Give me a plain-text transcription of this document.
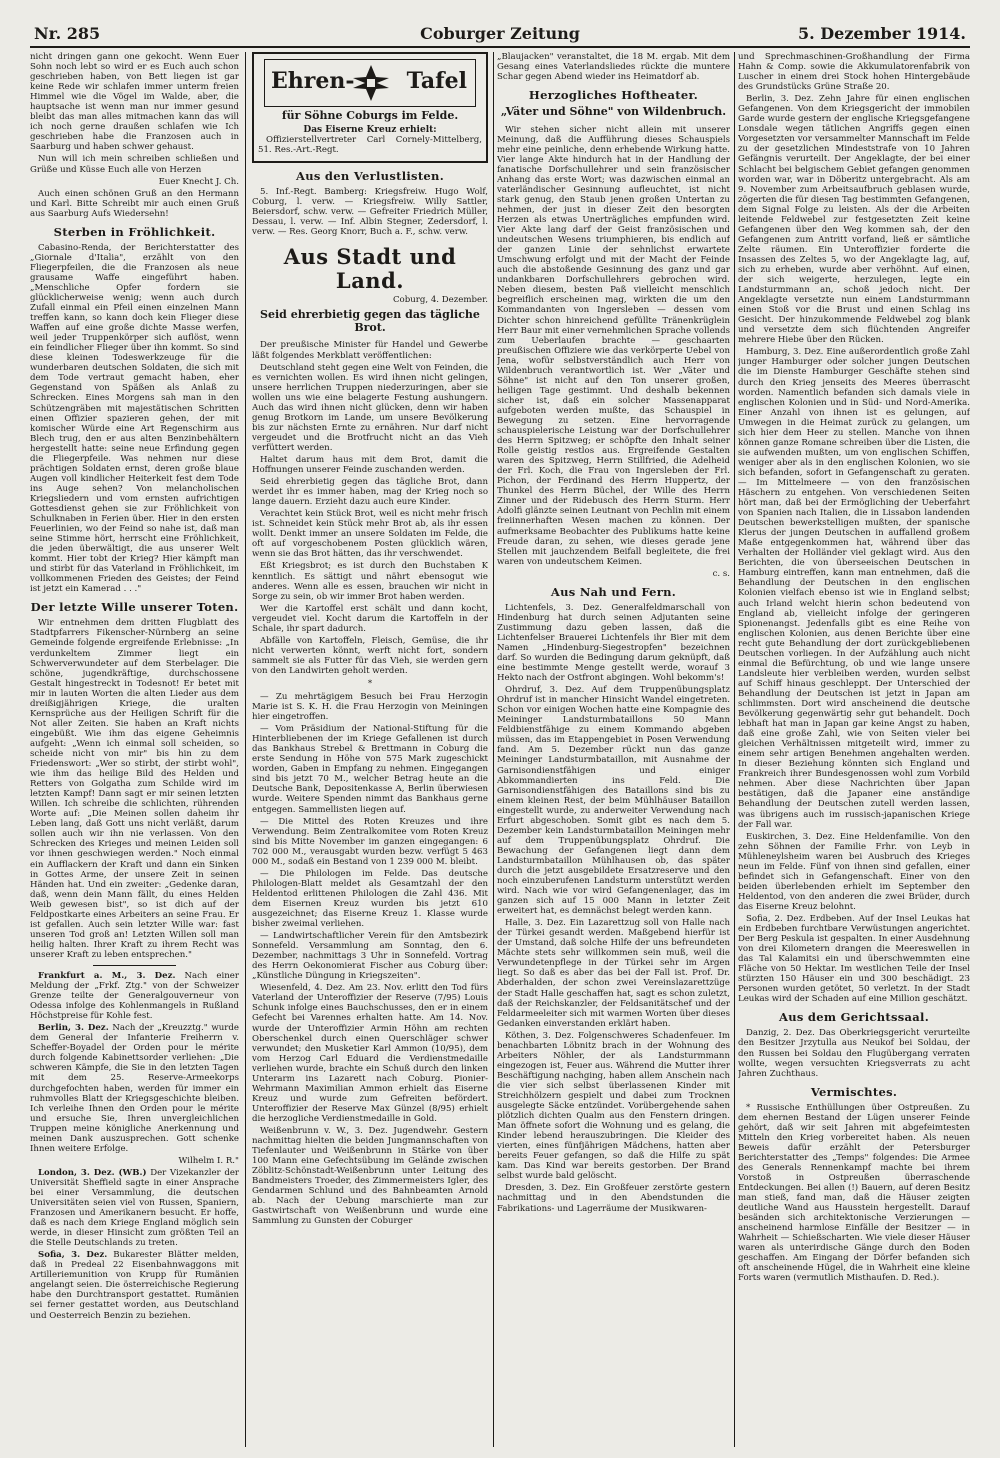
Nr. 285	Coburger Zeitung	5. Dezember 1914.

nicht dringen gann one gekocht. Wenn Euer Sohn noch lebt so wird er es Euch auch schon geschrieben haben, von Bett liegen ist gar keine Rede wir schlafen immer unterm freien Himmel wie die Vögel im Walde, aber, die hauptsache ist wenn man nur immer gesund bleibt das man alles mitmachen kann das will ich noch gerne draußen schlafen wie Ich geschrieben habe die Franzosen auch in Saarburg und haben schwer gehaust.

Nun will ich mein schreiben schließen und Grüße und Küsse Euch alle von Herzen

Euer Knecht J. Ch.

Auch einen schönen Gruß an den Hermann und Karl. Bitte Schreibt mir auch einen Gruß aus Saarburg Aufs Wiedersehn!

Sterben in Fröhlichkeit.

Cabasino-Renda, der Berichterstatter des „Giornale d'Italia", erzählt von den Fliegerpfeilen, die die Franzosen als neue grausame Waffe eingeführt haben. „Menschliche Opfer fordern sie glücklicherweise wenig; wenn auch durch Zufall einmal ein Pfeil einen einzelnen Mann treffen kann, so kann doch kein Flieger diese Waffen auf eine große dichte Masse werfen, weil jeder Truppenkörper sich auflöst, wenn ein feindlicher Flieger über ihn kommt. So sind diese kleinen Todeswerkzeuge für die wunderbaren deutschen Soldaten, die sich mit dem Tode vertraut gemacht haben, eher Gegenstand von Späßen als Anlaß zu Schrecken. Eines Morgens sah man in den Schützengräben mit majestätischen Schritten einen Offizier spazieren gehen, der mit komischer Würde eine Art Regenschirm aus Blech trug, den er aus alten Benzinbehältern hergestellt hatte: seine neue Erfindung gegen die Fliegerpfeile. Was nehmen nur diese prächtigen Soldaten ernst, deren große blaue Augen voll kindlicher Heiterkeit fest dem Tode ins Auge sehen? Von melancholischen Kriegsliedern und vom ernsten aufrichtigen Gottesdienst gehen sie zur Fröhlichkeit von Schulknaben in Ferien über. Hier in den ersten Feuerlinien, wo der Feind so nahe ist, daß man seine Stimme hört, herrscht eine Fröhlichkeit, die jeden überwältigt, die aus unserer Welt kommt. Hier tobt der Krieg? Hier kämpft man und stirbt für das Vaterland in Fröhlichkeit, im vollkommenen Frieden des Geistes; der Feind ist jetzt ein Kamerad . . ."

Der letzte Wille unserer Toten.

Wir entnehmen dem dritten Flugblatt des Stadtpfarrers Fikenscher-Nürnberg an seine Gemeinde folgende ergreifende Erlebnisse: „In verdunkeltem Zimmer liegt ein Schwerverwundeter auf dem Sterbelager. Die schöne, jugendkräftige, durchschossene Gestalt hingestreckt in Todesnot! Er betet mit mir in lauten Worten die alten Lieder aus dem dreißigjährigen Kriege, die uralten Kernsprüche aus der Heiligen Schrift für die Not aller Zeiten. Sie haben an Kraft nichts eingebüßt. Wie ihm das eigene Geheimnis aufgeht: „Wenn ich einmal soll scheiden, so scheide nicht von mir" bis hin zu dem Friedenswort: „Wer so stirbt, der stirbt wohl", wie ihm das heilige Bild des Helden und Retters von Golgatha zum Schilde wird im letzten Kampf! Dann sagt er mir seinen letzten Willen. Ich schreibe die schlichten, rührenden Worte auf: „Die Meinen sollen daheim ihr Leben lang, daß Gott uns nicht verläßt, darum sollen auch wir ihn nie verlassen. Von den Schrecken des Krieges und meinen Leiden soll vor ihnen geschwiegen werden." Noch einmal ein Aufflackern der Kraft und dann ein Sinken in Gottes Arme, der unsere Zeit in seinen Händen hat. Und ein zweiter: „Gedenke daran, daß, wenn dein Mann fällt, du eines Helden Weib gewesen bist", so ist dich auf der Feldpostkarte eines Arbeiters an seine Frau. Er ist gefallen. Auch sein letzter Wille war: fast unseren Tod groß an! Letzten Willen soll man heilig halten. Ihrer Kraft zu ihrem Recht was unserer Kraft zu leben entsprechen."

Frankfurt a. M., 3. Dez. Nach einer Meldung der „Frkf. Ztg." von der Schweizer Grenze teilte der Generalgouverneur von Odessa infolge des Kohlenmangels in Rußland Höchstpreise für Kohle fest.

Berlin, 3. Dez. Nach der „Kreuzztg." wurde dem General der Infanterie Freiherrn v. Scheffer-Boyadel der Orden pour le mérite durch folgende Kabinettsorder verliehen: „Die schweren Kämpfe, die Sie in den letzten Tagen mit dem 25. Reserve-Armeekorps durchgefochten haben, werden für immer ein ruhmvolles Blatt der Kriegsgeschichte bleiben. Ich verleihe Ihnen den Orden pour le mérite und ersuche Sie, Ihren unvergleichlichen Truppen meine königliche Anerkennung und meinen Dank auszusprechen. Gott schenke Ihnen weitere Erfolge.

Wilhelm I. R."

London, 3. Dez. (WB.) Der Vizekanzler der Universität Sheffield sagte in einer Ansprache bei einer Versammlung, die deutschen Universitäten seien viel von Russen, Spaniern, Franzosen und Amerikanern besucht. Er hoffe, daß es nach dem Kriege England möglich sein werde, in dieser Hinsicht zum größten Teil an die Stelle Deutschlands zu treten.

Sofia, 3. Dez. Bukarester Blätter melden, daß in Predeal 22 Eisenbahnwaggons mit Artilleriemunition von Krupp für Rumänien angelangt seien. Die österreichische Regierung habe den Durchtransport gestattet. Rumänien sei ferner gestattet worden, aus Deutschland und Oesterreich Benzin zu beziehen.

Ehren- Tafel
für Söhne Coburgs im Felde.
Das Eiserne Kreuz erhielt:

Offizierstellvertreter Carl Cornely-Mittelberg, 51. Res.-Art.-Regt.

Aus den Verlustlisten.

5. Inf.-Regt. Bamberg: Kriegsfreiw. Hugo Wolf, Coburg, l. verw. — Kriegsfreiw. Willy Sattler, Beiersdorf, schw. verw. — Gefreiter Friedrich Müller, Dessau, l. verw. — Inf. Albin Stegner, Zedersdorf, l. verw. — Res. Georg Knorr, Buch a. F., schw. verw.

Aus Stadt und Land.
Coburg, 4. Dezember.
Seid ehrerbietig gegen das tägliche Brot.

Der preußische Minister für Handel und Gewerbe läßt folgendes Merkblatt veröffentlichen:

Deutschland steht gegen eine Welt von Feinden, die es vernichten wollen. Es wird ihnen nicht gelingen, unsere herrlichen Truppen niederzuringen, aber sie wollen uns wie eine belagerte Festung aushungern. Auch das wird ihnen nicht glücken, denn wir haben genug Brotkorn im Lande, um unsere Bevölkerung bis zur nächsten Ernte zu ernähren. Nur darf nicht vergeudet und die Brotfrucht nicht an das Vieh verfüttert werden.

Haltet darum haus mit dem Brot, damit die Hoffnungen unserer Feinde zuschanden werden.

Seid ehrerbietig gegen das tägliche Brot, dann werdet ihr es immer haben, mag der Krieg noch so lange dauern. Erzieht dazu auch eure Kinder.

Verachtet kein Stück Brot, weil es nicht mehr frisch ist. Schneidet kein Stück mehr Brot ab, als ihr essen wollt. Denkt immer an unsere Soldaten im Felde, die oft auf vorgeschobenem Posten glücklich wären, wenn sie das Brot hätten, das ihr verschwendet.

Eßt Kriegsbrot; es ist durch den Buchstaben K kenntlich. Es sättigt und nährt ebensogut wie anderes. Wenn alle es essen, brauchen wir nicht in Sorge zu sein, ob wir immer Brot haben werden.

Wer die Kartoffel erst schält und dann kocht, vergeudet viel. Kocht darum die Kartoffeln in der Schale, ihr spart dadurch.

Abfälle von Kartoffeln, Fleisch, Gemüse, die ihr nicht verwerten könnt, werft nicht fort, sondern sammelt sie als Futter für das Vieh, sie werden gern von den Landwirten geholt werden.

*

— Zu mehrtägigem Besuch bei Frau Herzogin Marie ist S. K. H. die Frau Herzogin von Meiningen hier eingetroffen.

— Vom Präsidium der National-Stiftung für die Hinterbliebenen der im Kriege Gefallenen ist durch das Bankhaus Strebel & Brettmann in Coburg die erste Sendung in Höhe von 575 Mark zugeschickt worden, Gaben in Empfang zu nehmen. Eingegangen sind bis jetzt 70 M., welcher Betrag heute an die Deutsche Bank, Depositenkasse A, Berlin überwiesen wurde. Weitere Spenden nimmt das Bankhaus gerne entgegen. Sammellisten liegen auf.

— Die Mittel des Roten Kreuzes und ihre Verwendung. Beim Zentralkomitee vom Roten Kreuz sind bis Mitte November im ganzen eingegangen: 6 702 000 M., verausgabt wurden bezw. verfügt 5 463 000 M., sodaß ein Bestand von 1 239 000 M. bleibt.

— Die Philologen im Felde. Das deutsche Philologen-Blatt meldet als Gesamtzahl der den Heldentod erlittenen Philologen die Zahl 436. Mit dem Eisernen Kreuz wurden bis jetzt 610 ausgezeichnet; das Eiserne Kreuz 1. Klasse wurde bisher zweimal verliehen.

— Landwirtschaftlicher Verein für den Amtsbezirk Sonnefeld. Versammlung am Sonntag, den 6. Dezember, nachmittags 3 Uhr in Sonnefeld. Vortrag des Herrn Oekonomierat Fischer aus Coburg über: „Künstliche Düngung in Kriegszeiten".

Wiesenfeld, 4. Dez. Am 23. Nov. erlitt den Tod fürs Vaterland der Unteroffizier der Reserve (7/95) Louis Schunk infolge eines Bauchschusses, den er in einem Gefecht bei Varennes erhalten hatte. Am 14. Nov. wurde der Unteroffizier Armin Höhn am rechten Oberschenkel durch einen Querschläger schwer verwundet; den Musketier Karl Ammon (10/95), dem vom Herzog Carl Eduard die Verdienstmedaille verliehen wurde, brachte ein Schuß durch den linken Unterarm ins Lazarett nach Coburg. Pionier-Wehrmann Maximilian Ammon erhielt das Eiserne Kreuz und wurde zum Gefreiten befördert. Unteroffizier der Reserve Max Günzel (8/95) erhielt die herzogliche Verdienstmedaille in Gold.

Weißenbrunn v. W., 3. Dez. Jugendwehr. Gestern nachmittag hielten die beiden Jungmannschaften von Tiefenlauter und Weißenbrunn in Stärke von über 100 Mann eine Gefechtsübung im Gelände zwischen Zöblitz-Schönstadt-Weißenbrunn unter Leitung des Bandmeisters Troeder, des Zimmermeisters Igler, des Gendarmen Schlund und des Bahnbeamten Arnold ab. Nach der Uebung marschierte man zur Gastwirtschaft von Weißenbrunn und wurde eine Sammlung zu Gunsten der Coburger

„Blaujacken" veranstaltet, die 18 M. ergab. Mit dem Gesang eines Vaterlandsliedes rückte die muntere Schar gegen Abend wieder ins Heimatdorf ab.

Herzogliches Hoftheater.
„Väter und Söhne" von Wildenbruch.

Wir stehen sicher nicht allein mit unserer Meinung, daß die Aufführung dieses Schauspiels mehr eine peinliche, denn erhebende Wirkung hatte. Vier lange Akte hindurch hat in der Handlung der fanatische Dorfschullehrer und sein französischer Anhang das erste Wort; was dazwischen einmal an vaterländischer Gesinnung aufleuchtet, ist nicht stark genug, den Staub jenen großen Untertan zu nehmen, der just in dieser Zeit den besorgten Herzen als etwas Unerträgliches empfunden wird. Vier Akte lang darf der Geist französischen und undeutschen Wesens triumphieren, bis endlich auf der ganzen Linie der sehnlichst erwartete Umschwung erfolgt und mit der Macht der Feinde auch die abstoßende Gesinnung des ganz und gar undankbaren Dorfschullehrers gebrochen wird. Neben diesem, besten Paß vielleicht menschlich begreiflich erscheinen mag, wirkten die um den Kommandanten von Ingersleben — dessen vom Dichter schon hinreichend gefüllte Tränenkrüglein Herr Baur mit einer vernehmlichen Sprache vollends zum Ueberlaufen brachte — geschaarten preußischen Offiziere wie das verkörperte Uebel von Jena, wofür selbstverständlich auch Herr von Wildenbruch verantwortlich ist. Wer „Väter und Söhne" ist nicht auf den Ton unserer großen, heiligen Tage gestimmt. Und deshalb bekennen sicher ist, daß ein solcher Massenapparat aufgeboten werden mußte, das Schauspiel in Bewegung zu setzen. Eine hervorragende schauspielerische Leistung war der Dorfschullehrer des Herrn Spitzweg; er schöpfte den Inhalt seiner Rolle geistig restlos aus. Ergreifende Gestalten waren des Spitzweg, Herrn Stillfried, die Adelheid der Frl. Koch, die Frau von Ingersleben der Frl. Pichon, der Ferdinand des Herrn Huppertz, der Thunkel des Herrn Büchel, der Wille des Herrn Zinner und der Ridebusch des Herrn Sturm. Herr Adolfi glänzte seinen Leutnant von Pechlin mit einem freiinnerhaften Wesen machen zu können. Der aufmerksame Beobachter des Publikums hatte keine Freude daran, zu sehen, wie dieses gerade jene Stellen mit jauchzendem Beifall begleitete, die frei waren von undeutschem Keimen.

c. s.

Aus Nah und Fern.

Lichtenfels, 3. Dez. Generalfeldmarschall von Hindenburg hat durch seinen Adjutanten seine Zustimmung dazu geben lassen, daß die Lichtenfelser Brauerei Lichtenfels ihr Bier mit dem Namen „Hindenburg-Siegestropfen" bezeichnen darf. So wurden die Bedingung darum geknüpft, daß eine bestimmte Menge gestellt werde, worauf 3 Hekto nach der Ostfront abgingen. Wohl bekomm's!

Ohrdruf, 3. Dez. Auf dem Truppenübungsplatz Ohrdruf ist in mancher Hinsicht Wandel eingetreten. Schon vor einigen Wochen hatte eine Kompagnie des Meininger Landsturmbataillons 50 Mann Feldbienstfähige zu einem Kommando abgeben müssen, das im Etappengebiet in Posen Verwendung fand. Am 5. Dezember rückt nun das ganze Meininger Landsturmbataillon, mit Ausnahme der Garnisondienstfähigen und einiger Abkommandierten ins Feld. Die Garnisondienstfähigen des Bataillons sind bis zu einem kleinen Rest, der beim Mühlhäuser Bataillon eingestellt wurde, zu anderweiter Verwendung nach Erfurt abgeschoben. Somit gibt es nach dem 5. Dezember kein Landsturmbataillon Meiningen mehr auf dem Truppenübungsplatz Ohrdruf. Die Bewachung der Gefangenen liegt dann dem Landsturmbataillon Mühlhausen ob, das später durch die jetzt ausgebildete Ersatzreserve und den noch einzuberufenen Landsturm unterstützt werden wird. Nach wie vor wird Gefangenenlager, das im ganzen sich auf 15 000 Mann in letzter Zeit erweitert hat, es demnächst belegt werden kann.

Halle, 3. Dez. Ein Lazarettzug soll von Halle nach der Türkei gesandt werden. Maßgebend hierfür ist der Umstand, daß solche Hilfe der uns befreundeten Mächte stets sehr willkommen sein muß, weil die Verwundetenpflege in der Türkei sehr im Argen liegt. So daß es aber das bei der Fall ist. Prof. Dr. Abderhalden, der schon zwei Vereinslazarettzüge der Stadt Halle geschaffen hat, sagt es schon zuletzt, daß der Reichskanzler, der Feldsanitätschef und der Feldarmeeleiter sich mit warmen Worten über dieses Gedanken einverstanden erklärt haben.

Köthen, 3. Dez. Folgenschweres Schadenfeuer. Im benachbarten Löbnitz brach in der Wohnung des Arbeiters Nöhler, der als Landsturmmann eingezogen ist, Feuer aus. Während die Mutter ihrer Beschäftigung nachging, haben allem Anschein nach die vier sich selbst überlassenen Kinder mit Streichhölzern gespielt und dabei zum Trocknen ausgelegte Säcke entzündet. Vorübergehende sahen plötzlich dichten Qualm aus den Fenstern dringen. Man öffnete sofort die Wohnung und es gelang, die Kinder lebend herauszubringen. Die Kleider des vierten, eines fünfjährigen Mädchens, hatten aber bereits Feuer gefangen, so daß die Hilfe zu spät kam. Das Kind war bereits gestorben. Der Brand selbst wurde bald gelöscht.

Dresden, 3. Dez. Ein Großfeuer zerstörte gestern nachmittag und in den Abendstunden die Fabrikations- und Lagerräume der Musikwaren-

und Sprechmaschinen-Großhandlung der Firma Hahn & Comp. sowie die Akkumulatorenfabrik von Luscher in einem drei Stock hohen Hintergebäude des Grundstücks Grüne Straße 20.

Berlin, 3. Dez. Zehn Jahre für einen englischen Gefangenen. Von dem Kriegsgericht der immobilen Garde wurde gestern der englische Kriegsgefangene Lonsdale wegen tätlichen Angriffs gegen einen Vorgesetzten vor versammelter Mannschaft im Felde zu der gesetzlichen Mindeststrafe von 10 Jahren Gefängnis verurteilt. Der Angeklagte, der bei einer Schlacht bei belgischem Gebiet gefangen genommen worden war, war in Döberitz untergebracht. Als am 9. November zum Arbeitsaufbruch geblasen wurde, zögerten die für diesen Tag bestimmten Gefangenen, dem Signal Folge zu leisten. Als der die Arbeiten leitende Feldwebel zur festgesetzten Zeit keine Gefangenen über den Weg kommen sah, der den Gefangenen zum Antritt vorfand, ließ er sämtliche Zelte räumen. Ein Unteroffizier forderte die Insassen des Zeltes 5, wo der Angeklagte lag, auf, sich zu erheben, wurde aber verhöhnt. Auf einen, der sich weigerte, herzulegen, legte ein Landsturmmann an, schoß jedoch nicht. Der Angeklagte versetzte nun einem Landsturmmann einen Stoß vor die Brust und einen Schlag ins Gesicht. Der hinzukommende Feldwebel zog blank und versetzte dem sich flüchtenden Angreifer mehrere Hiebe über den Rücken.

Hamburg, 3. Dez. Eine außerordentlich große Zahl junger Hamburger oder solcher jungen Deutschen die im Dienste Hamburger Geschäfte stehen sind durch den Krieg jenseits des Meeres überrascht worden. Namentlich befanden sich damals viele in englischen Kolonien und in Süd- und Nord-Amerika. Einer Anzahl von ihnen ist es gelungen, auf Umwegen in die Heimat zurück zu gelangen, um sich hier dem Heer zu stellen. Manche von ihnen können ganze Romane schreiben über die Listen, die sie aufwenden mußten, um von englischen Schiffen, weniger aber als in den englischen Kolonien, wo sie sich befanden, sofort in Gefangenschaft zu geraten. — Im Mittelmeere — von den französischen Häschern zu entgehen. Von verschiedenen Seiten hört man, daß bei der Ermögliching der Ueberfahrt von Spanien nach Italien, die in Lissabon landenden Deutschen bewerkstelligen mußten, der spanische Klerus der jungen Deutschen in auffallend großem Maße entgegenkommen hat, während über das Verhalten der Holländer viel geklagt wird. Aus den Berichten, die von überseeischen Deutschen in Hamburg eintreffen, kann man entnehmen, daß die Behandlung der Deutschen in den englischen Kolonien vielfach ebenso ist wie in England selbst; auch Irland welcht hierin schon bedeutend von England ab, vielleicht infolge der geringeren Spionenangst. Jedenfalls gibt es eine Reihe von englischen Kolonien, aus denen Berichte über eine recht gute Behandlung der dort zurückgebliebenen Deutschen vorliegen. In der Aufzählung auch nicht einmal die Befürchtung, ob und wie lange unsere Landsleute hier verbleiben werden, wurden selbst auf Schiff hinaus geschleppt. Der Unterschied der Behandlung der Deutschen ist jetzt in Japan am schlimmsten. Dort wird anscheinend die deutsche Bevölkerung gegenwärtig sehr gut behandelt. Doch lebhaft hat man in Japan gar keine Angst zu haben, daß eine große Zahl, wie von Seiten vieler bei gleichen Verhältnissen mitgeteilt wird, immer zu einem sehr artigen Benehmen angehalten werden. In dieser Beziehung könnten sich England und Frankreich ihrer Bundesgenossen wohl zum Vorbild nehmen. Aber diese Nachrichten über Japan bestätigen, daß die Japaner eine anständige Behandlung der Deutschen zutell werden lassen, was übrigens auch im russisch-japanischen Kriege der Fall war.

Euskirchen, 3. Dez. Eine Heldenfamilie. Von den zehn Söhnen der Familie Frhr. von Leyb in Mühleneylsheim waren bei Ausbruch des Krieges neun im Felde. Fünf von ihnen sind gefallen, einer befindet sich in Gefangenschaft. Einer von den beiden überlebenden erhielt im September den Heldentod, von den anderen die zwei Brüder, durch das Eiserne Kreuz belohnt.

Sofia, 2. Dez. Erdbeben. Auf der Insel Leukas hat ein Erdbeben furchtbare Verwüstungen angerichtet. Der Berg Peskula ist gespalten. In einer Ausdehnung von drei Kilometern drangen die Meereswellen in das Tal Kalamitsi ein und überschwemmten eine Fläche von 50 Hektar. Im westlichen Teile der Insel stürzten 150 Häuser ein und 300 beschädigt. 23 Personen wurden getötet, 50 verletzt. In der Stadt Leukas wird der Schaden auf eine Million geschätzt.

Aus dem Gerichtssaal.

Danzig, 2. Dez. Das Oberkriegsgericht verurteilte den Besitzer Jrzytulla aus Neukof bei Soldau, der den Russen bei Soldau den Flugübergang verraten wollte, wegen versuchten Kriegsverrats zu acht Jahren Zuchthaus.

Vermischtes.

* Russische Enthüllungen über Ostpreußen. Zu dem ehernen Bestand der Lügen unserer Feinde gehört, daß wir seit Jahren mit abgefeimtesten Mitteln den Krieg vorbereitet haben. Als neuen Beweis dafür erzählt der Petersburger Berichterstatter des „Temps" folgendes: Die Armee des Generals Rennenkampf machte bei ihrem Vorstoß in Ostpreußen überraschende Entdeckungen. Bei allen (!) Bauern, auf deren Besitz man stieß, fand man, daß die Häuser zeigten deutliche Wand aus Hausstein hergestellt. Darauf besänden sich architektonische Verzierungen — anscheinend harmlose Einfälle der Besitzer — in Wahrheit — Schießscharten. Wie viele dieser Häuser waren als unterirdische Gänge durch den Boden geschaffen. Am Eingang der Dörfer befanden sich oft anscheinende Hügel, die in Wahrheit eine kleine Forts waren (vermutlich Misthaufen. D. Red.).
